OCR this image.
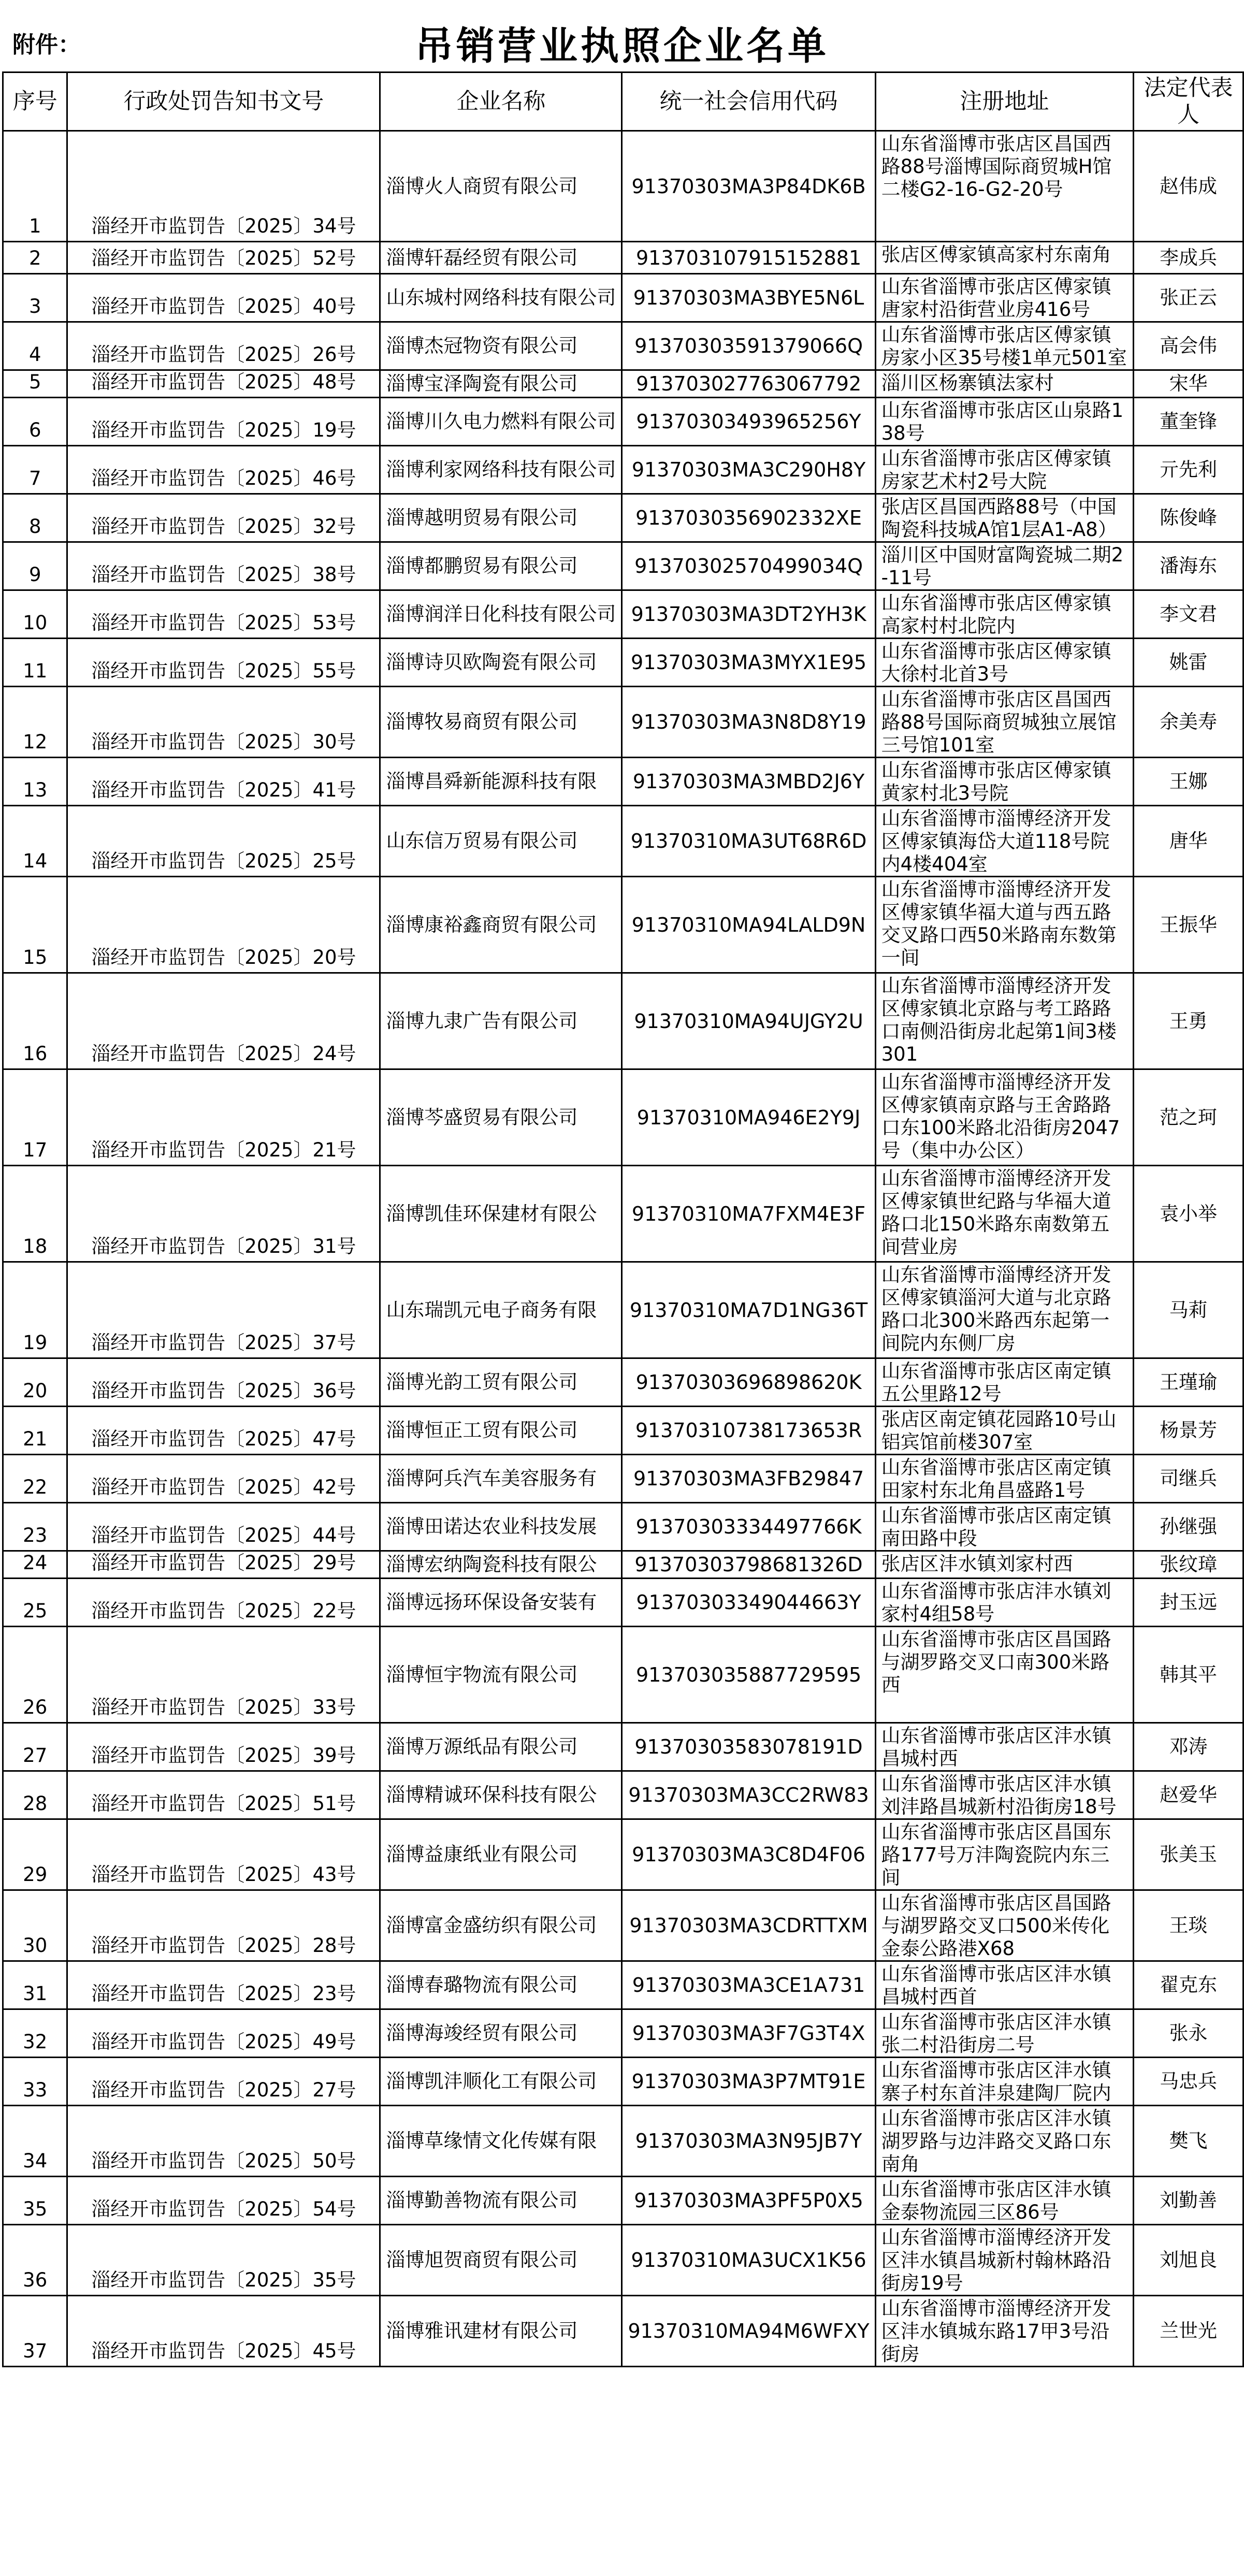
附件：	吊销营业执照企业名单
序号	行政处罚告知书文号	企业名称	统一社会信用代码	注册地址	法定代表人
1	淄经开市监罚告〔2025〕34号	淄博火人商贸有限公司	91370303MA3P84DK6B	山东省淄博市张店区昌国西路88号淄博国际商贸城H馆二楼G2-16-G2-20号	赵伟成
2	淄经开市监罚告〔2025〕52号	淄博轩磊经贸有限公司	913703107915152881	张店区傅家镇高家村东南角	李成兵
3	淄经开市监罚告〔2025〕40号	山东城村网络科技有限公司	91370303MA3BYE5N6L	山东省淄博市张店区傅家镇唐家村沿街营业房416号	张正云
4	淄经开市监罚告〔2025〕26号	淄博杰冠物资有限公司	91370303591379066Q	山东省淄博市张店区傅家镇房家小区35号楼1单元501室	高会伟
5	淄经开市监罚告〔2025〕48号	淄博宝泽陶瓷有限公司	913703027763067792	淄川区杨寨镇法家村	宋华
6	淄经开市监罚告〔2025〕19号	淄博川久电力燃料有限公司	91370303493965256Y	山东省淄博市张店区山泉路138号	董奎锋
7	淄经开市监罚告〔2025〕46号	淄博利家网络科技有限公司	91370303MA3C290H8Y	山东省淄博市张店区傅家镇房家艺术村2号大院	亓先利
8	淄经开市监罚告〔2025〕32号	淄博越明贸易有限公司	9137030356902332XE	张店区昌国西路88号（中国陶瓷科技城A馆1层A1-A8）	陈俊峰
9	淄经开市监罚告〔2025〕38号	淄博都鹏贸易有限公司	91370302570499034Q	淄川区中国财富陶瓷城二期2-11号	潘海东
10	淄经开市监罚告〔2025〕53号	淄博润洋日化科技有限公司	91370303MA3DT2YH3K	山东省淄博市张店区傅家镇高家村村北院内	李文君
11	淄经开市监罚告〔2025〕55号	淄博诗贝欧陶瓷有限公司	91370303MA3MYX1E95	山东省淄博市张店区傅家镇大徐村北首3号	姚雷
12	淄经开市监罚告〔2025〕30号	淄博牧易商贸有限公司	91370303MA3N8D8Y19	山东省淄博市张店区昌国西路88号国际商贸城独立展馆三号馆101室	余美寿
13	淄经开市监罚告〔2025〕41号	淄博昌舜新能源科技有限	91370303MA3MBD2J6Y	山东省淄博市张店区傅家镇黄家村北3号院	王娜
14	淄经开市监罚告〔2025〕25号	山东信万贸易有限公司	91370310MA3UT68R6D	山东省淄博市淄博经济开发区傅家镇海岱大道118号院内4楼404室	唐华
15	淄经开市监罚告〔2025〕20号	淄博康裕鑫商贸有限公司	91370310MA94LALD9N	山东省淄博市淄博经济开发区傅家镇华福大道与西五路交叉路口西50米路南东数第一间	王振华
16	淄经开市监罚告〔2025〕24号	淄博九隶广告有限公司	91370310MA94UJGY2U	山东省淄博市淄博经济开发区傅家镇北京路与考工路路口南侧沿街房北起第1间3楼301	王勇
17	淄经开市监罚告〔2025〕21号	淄博芩盛贸易有限公司	91370310MA946E2Y9J	山东省淄博市淄博经济开发区傅家镇南京路与王舍路路口东100米路北沿街房2047号（集中办公区）	范之珂
18	淄经开市监罚告〔2025〕31号	淄博凯佳环保建材有限公	91370310MA7FXM4E3F	山东省淄博市淄博经济开发区傅家镇世纪路与华福大道路口北150米路东南数第五间营业房	袁小举
19	淄经开市监罚告〔2025〕37号	山东瑞凯元电子商务有限	91370310MA7D1NG36T	山东省淄博市淄博经济开发区傅家镇淄河大道与北京路路口北300米路西东起第一间院内东侧厂房	马莉
20	淄经开市监罚告〔2025〕36号	淄博光韵工贸有限公司	91370303696898620K	山东省淄博市张店区南定镇五公里路12号	王瑾瑜
21	淄经开市监罚告〔2025〕47号	淄博恒正工贸有限公司	91370310738173653R	张店区南定镇花园路10号山铝宾馆前楼307室	杨景芳
22	淄经开市监罚告〔2025〕42号	淄博阿兵汽车美容服务有	91370303MA3FB29847	山东省淄博市张店区南定镇田家村东北角昌盛路1号	司继兵
23	淄经开市监罚告〔2025〕44号	淄博田诺达农业科技发展	91370303334497766K	山东省淄博市张店区南定镇南田路中段	孙继强
24	淄经开市监罚告〔2025〕29号	淄博宏纳陶瓷科技有限公	91370303798681326D	张店区沣水镇刘家村西	张纹璋
25	淄经开市监罚告〔2025〕22号	淄博远扬环保设备安装有	91370303349044663Y	山东省淄博市张店沣水镇刘家村4组58号	封玉远
26	淄经开市监罚告〔2025〕33号	淄博恒宇物流有限公司	913703035887729595	山东省淄博市张店区昌国路与湖罗路交叉口南300米路西	韩其平
27	淄经开市监罚告〔2025〕39号	淄博万源纸品有限公司	91370303583078191D	山东省淄博市张店区沣水镇昌城村西	邓涛
28	淄经开市监罚告〔2025〕51号	淄博精诚环保科技有限公	91370303MA3CC2RW83	山东省淄博市张店区沣水镇刘沣路昌城新村沿街房18号	赵爱华
29	淄经开市监罚告〔2025〕43号	淄博益康纸业有限公司	91370303MA3C8D4F06	山东省淄博市张店区昌国东路177号万沣陶瓷院内东三间	张美玉
30	淄经开市监罚告〔2025〕28号	淄博富金盛纺织有限公司	91370303MA3CDRTTXM	山东省淄博市张店区昌国路与湖罗路交叉口500米传化金泰公路港X68	王琰
31	淄经开市监罚告〔2025〕23号	淄博春璐物流有限公司	91370303MA3CE1A731	山东省淄博市张店区沣水镇昌城村西首	翟克东
32	淄经开市监罚告〔2025〕49号	淄博海竣经贸有限公司	91370303MA3F7G3T4X	山东省淄博市张店区沣水镇张二村沿街房二号	张永
33	淄经开市监罚告〔2025〕27号	淄博凯沣顺化工有限公司	91370303MA3P7MT91E	山东省淄博市张店区沣水镇寨子村东首沣泉建陶厂院内	马忠兵
34	淄经开市监罚告〔2025〕50号	淄博草缘情文化传媒有限	91370303MA3N95JB7Y	山东省淄博市张店区沣水镇湖罗路与边沣路交叉路口东南角	樊飞
35	淄经开市监罚告〔2025〕54号	淄博勤善物流有限公司	91370303MA3PF5P0X5	山东省淄博市张店区沣水镇金泰物流园三区86号	刘勤善
36	淄经开市监罚告〔2025〕35号	淄博旭贺商贸有限公司	91370310MA3UCX1K56	山东省淄博市淄博经济开发区沣水镇昌城新村翰林路沿街房19号	刘旭良
37	淄经开市监罚告〔2025〕45号	淄博雅讯建材有限公司	91370310MA94M6WFXY	山东省淄博市淄博经济开发区沣水镇城东路17甲3号沿街房	兰世光
